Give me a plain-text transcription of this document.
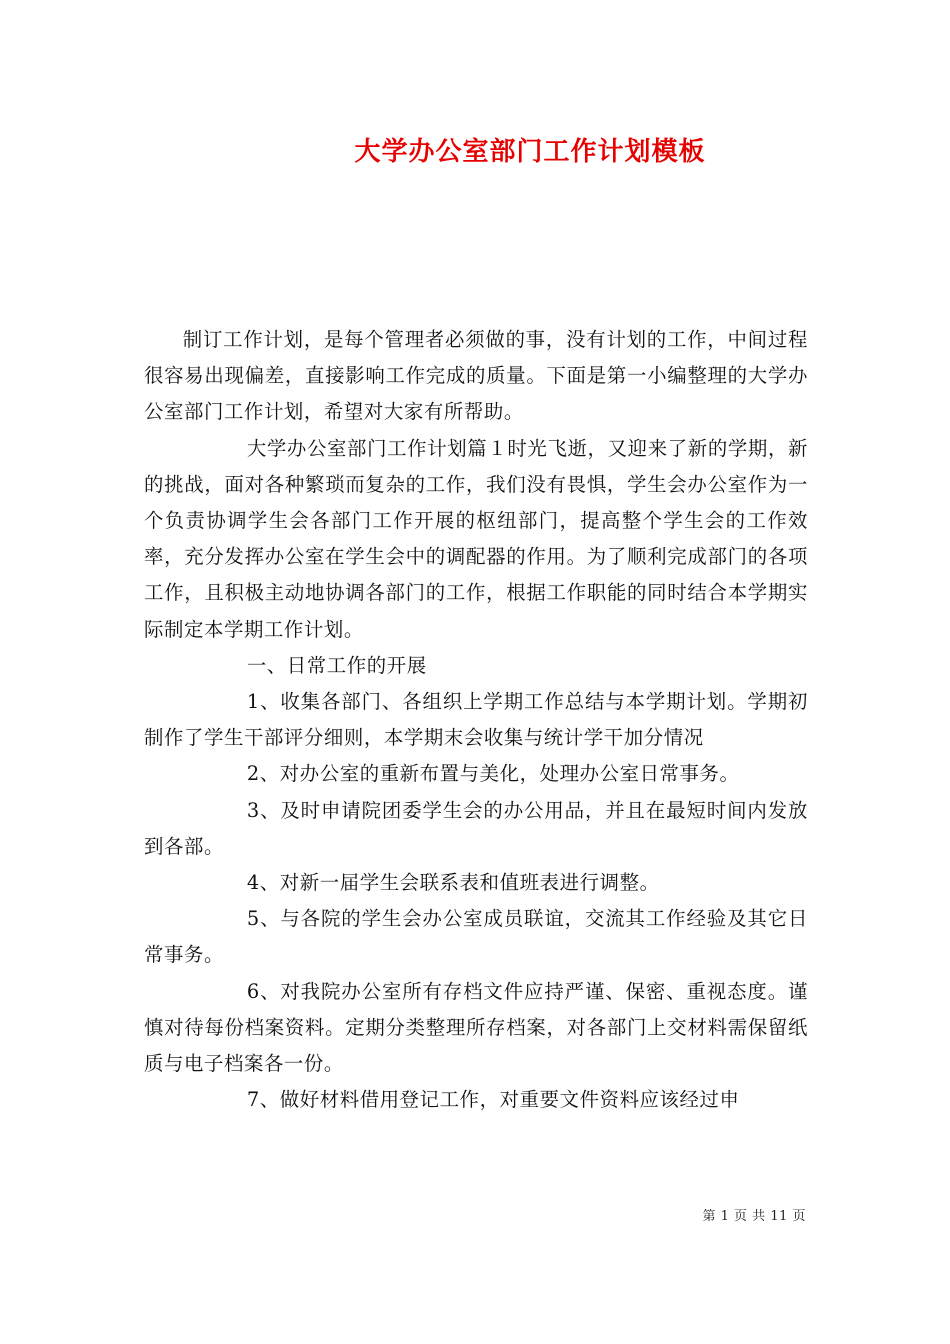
大学办公室部门工作计划模板

制订工作计划，是每个管理者必须做的事，没有计划的工作，中间过程很容易出现偏差，直接影响工作完成的质量。下面是第一小编整理的大学办公室部门工作计划，希望对大家有所帮助。

大学办公室部门工作计划篇１时光飞逝，又迎来了新的学期，新的挑战，面对各种繁琐而复杂的工作，我们没有畏惧，学生会办公室作为一个负责协调学生会各部门工作开展的枢纽部门，提高整个学生会的工作效率，充分发挥办公室在学生会中的调配器的作用。为了顺利完成部门的各项工作，且积极主动地协调各部门的工作，根据工作职能的同时结合本学期实际制定本学期工作计划。

一、日常工作的开展

1、收集各部门、各组织上学期工作总结与本学期计划。学期初制作了学生干部评分细则，本学期末会收集与统计学干加分情况

2、对办公室的重新布置与美化，处理办公室日常事务。

3、及时申请院团委学生会的办公用品，并且在最短时间内发放到各部。

4、对新一届学生会联系表和值班表进行调整。

5、与各院的学生会办公室成员联谊，交流其工作经验及其它日常事务。

6、对我院办公室所有存档文件应持严谨、保密、重视态度。谨慎对待每份档案资料。定期分类整理所存档案，对各部门上交材料需保留纸质与电子档案各一份。

7、做好材料借用登记工作，对重要文件资料应该经过申

第 1 页 共 11 页
